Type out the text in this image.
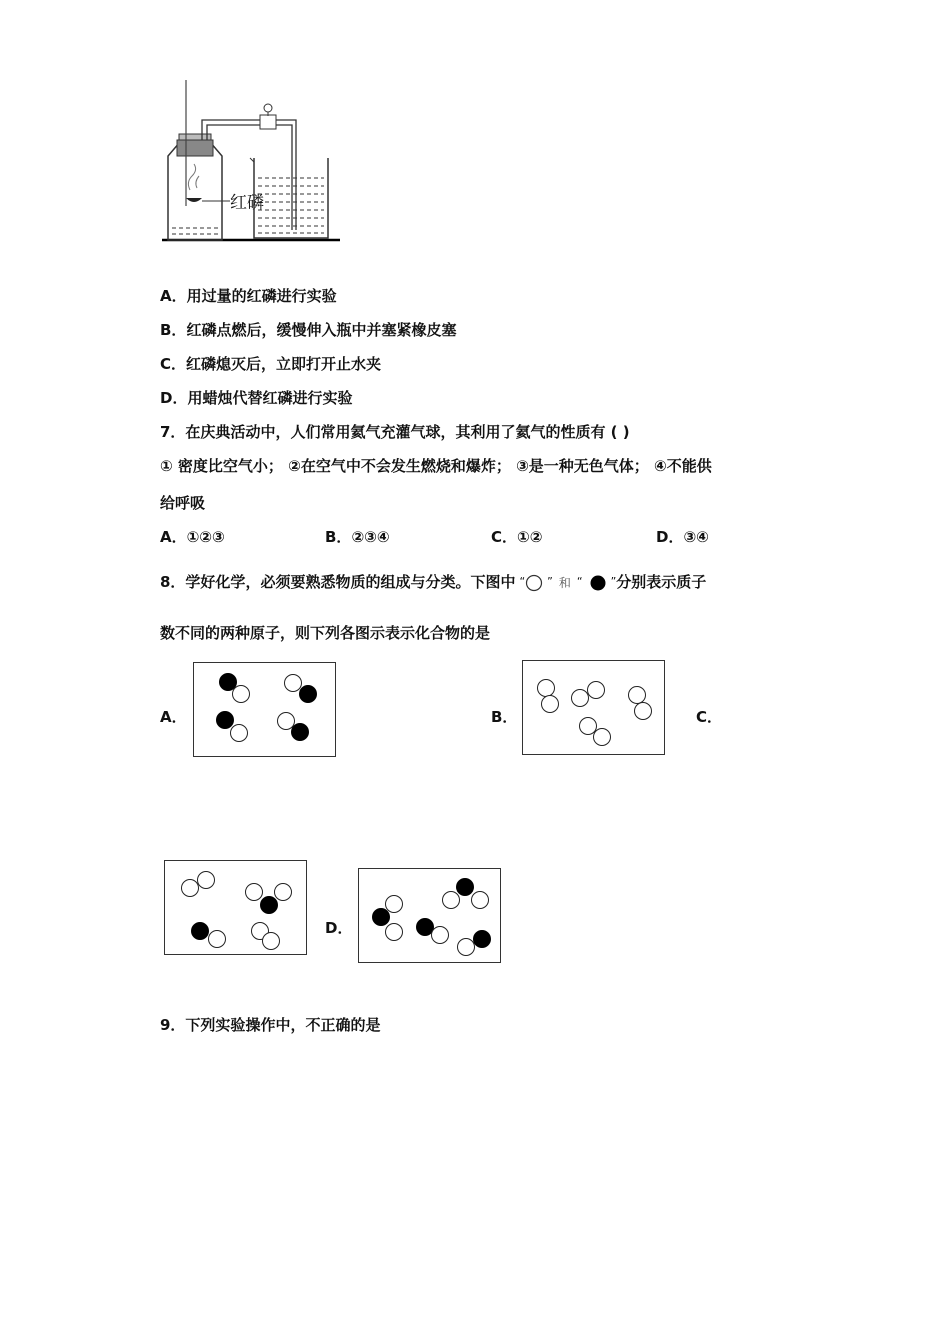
红磷
A．用过量的红磷进行实验
B．红磷点燃后，缓慢伸入瓶中并塞紧橡皮塞
C．红磷熄灭后，立即打开止水夹
D．用蜡烛代替红磷进行实验
7．在庆典活动中，人们常用氦气充灌气球，其利用了氦气的性质有 ( )
① 密度比空气小； ②在空气中不会发生燃烧和爆炸； ③是一种无色气体； ④不能供
给呼吸
A．①②③	B．②③④	C．①②	D．③④
8．学好化学，必须要熟悉物质的组成与分类。下图中 “ ” 和 “	”分别表示质子
数不同的两种原子，则下列各图示表示化合物的是
A．	B．	C．
D．
9．下列实验操作中，不正确的是
